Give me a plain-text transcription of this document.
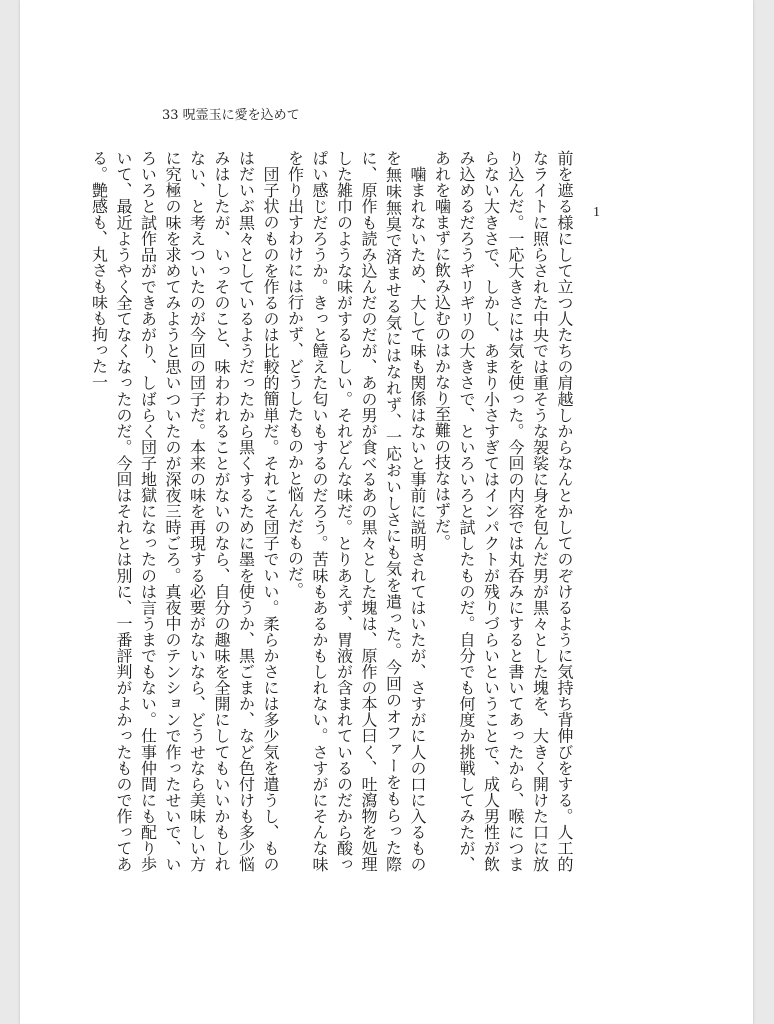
33 呪霊玉に愛を込めて
1

前を遮る様にして立つ人たちの肩越しからなんとかしてのぞけるように気持ち背伸びをする。人工的なライトに照らされた中央では重そうな袈裟に身を包んだ男が黒々とした塊を、大きく開けた口に放り込んだ。一応大きさには気を使った。今回の内容では丸呑みにすると書いてあったから、喉につまらない大きさで、しかし、あまり小さすぎてはインパクトが残りづらいということで、成人男性が飲み込めるだろうギリギリの大きさで、といろいろと試したものだ。自分でも何度か挑戦してみたが、あれを噛まずに飲み込むのはかなり至難の技なはずだ。

噛まれないため、大して味も関係はないと事前に説明されてはいたが、さすがに人の口に入るものを無味無臭で済ませる気にはなれず、一応おいしさにも気を遣った。今回のオファーをもらった際に、原作も読み込んだのだが、あの男が食べるあの黒々とした塊は、原作の本人曰く、吐瀉物を処理した雑巾のような味がするらしい。それどんな味だ。とりあえず、胃液が含まれているのだから酸っぱい感じだろうか。きっと饐えた匂いもするのだろう。苦味もあるかもしれない。さすがにそんな味を作り出すわけには行かず、どうしたものかと悩んだものだ。

団子状のものを作るのは比較的簡単だ。それこそ団子でいい。柔らかさには多少気を遣うし、ものはだいぶ黒々としているようだったから黒くするために墨を使うか、黒ごまか、など色付けも多少悩みはしたが、いっそのこと、味わわれることがないのなら、自分の趣味を全開にしてもいいかもしれない、と考えついたのが今回の団子だ。本来の味を再現する必要がないなら、どうせなら美味しい方に究極の味を求めてみようと思いついたのが深夜三時ごろ。真夜中のテンションで作ったせいで、いろいろと試作品ができあがり、しばらく団子地獄になったのは言うまでもない。仕事仲間にも配り歩いて、最近ようやく全てなくなったのだ。今回はそれとは別に、一番評判がよかったもので作ってある。艶感も、丸さも味も拘った一
